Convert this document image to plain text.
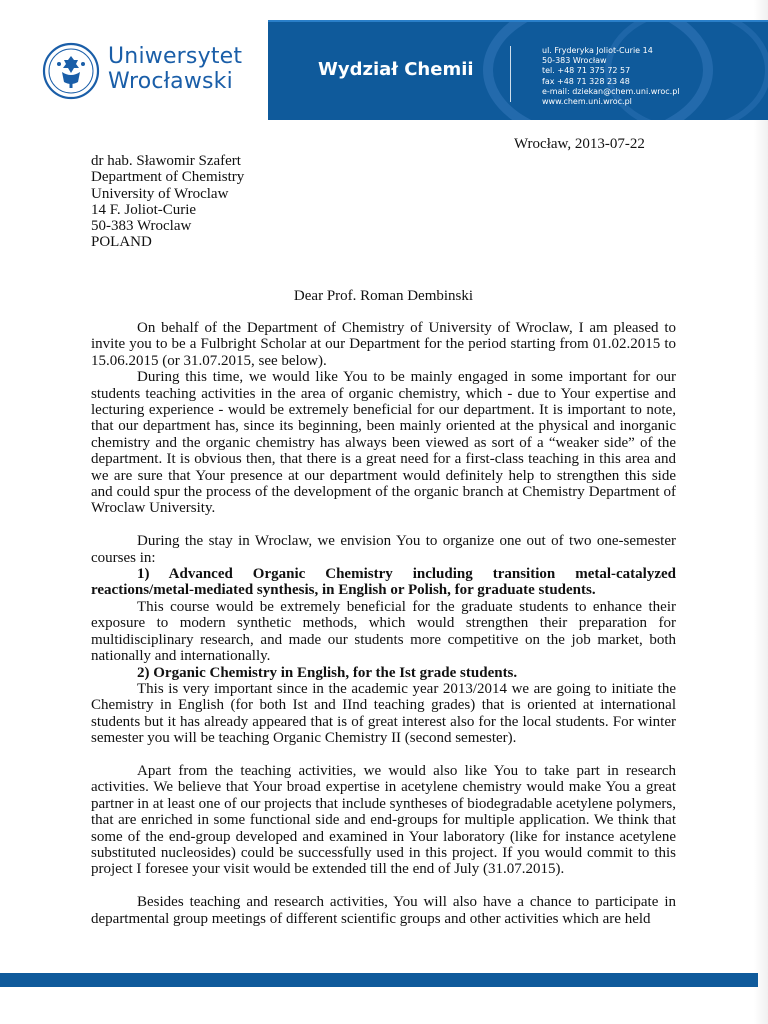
Uniwersytet
Wrocławski	Wydział Chemii
ul. Fryderyka Joliot-Curie 14
50-383 Wrocław
tel. +48 71 375 72 57
fax +48 71 328 23 48
e-mail: dziekan@chem.uni.wroc.pl
www.chem.uni.wroc.pl
Wrocław, 2013-07-22
dr hab. Sławomir Szafert
Department of Chemistry
University of Wroclaw
14 F. Joliot-Curie
50-383 Wroclaw
POLAND
Dear Prof. Roman Dembinski

On behalf of the Department of Chemistry of University of Wroclaw, I am pleased to invite you to be a Fulbright Scholar at our Department for the period starting from 01.02.2015 to 15.06.2015 (or 31.07.2015, see below).

During this time, we would like You to be mainly engaged in some important for our students teaching activities in the area of organic chemistry, which - due to Your expertise and lecturing experience - would be extremely beneficial for our department. It is important to note, that our department has, since its beginning, been mainly oriented at the physical and inorganic chemistry and the organic chemistry has always been viewed as sort of a “weaker side” of the department. It is obvious then, that there is a great need for a first-class teaching in this area and we are sure that Your presence at our department would definitely help to strengthen this side and could spur the process of the development of the organic branch at Chemistry Department of Wroclaw University.

During the stay in Wroclaw, we envision You to organize one out of two one-semester courses in:

1) Advanced Organic Chemistry including transition metal-catalyzed reactions/metal-mediated synthesis, in English or Polish, for graduate students.

This course would be extremely beneficial for the graduate students to enhance their exposure to modern synthetic methods, which would strengthen their preparation for multidisciplinary research, and made our students more competitive on the job market, both nationally and internationally.

2) Organic Chemistry in English, for the Ist grade students.

This is very important since in the academic year 2013/2014 we are going to initiate the Chemistry in English (for both Ist and IInd teaching grades) that is oriented at international students but it has already appeared that is of great interest also for the local students. For winter semester you will be teaching Organic Chemistry II (second semester).

Apart from the teaching activities, we would also like You to take part in research activities. We believe that Your broad expertise in acetylene chemistry would make You a great partner in at least one of our projects that include syntheses of biodegradable acetylene polymers, that are enriched in some functional side and end-groups for multiple application. We think that some of the end-group developed and examined in Your laboratory (like for instance acetylene substituted nucleosides) could be successfully used in this project. If you would commit to this project I foresee your visit would be extended till the end of July (31.07.2015).

Besides teaching and research activities, You will also have a chance to participate in departmental group meetings of different scientific groups and other activities which are held
